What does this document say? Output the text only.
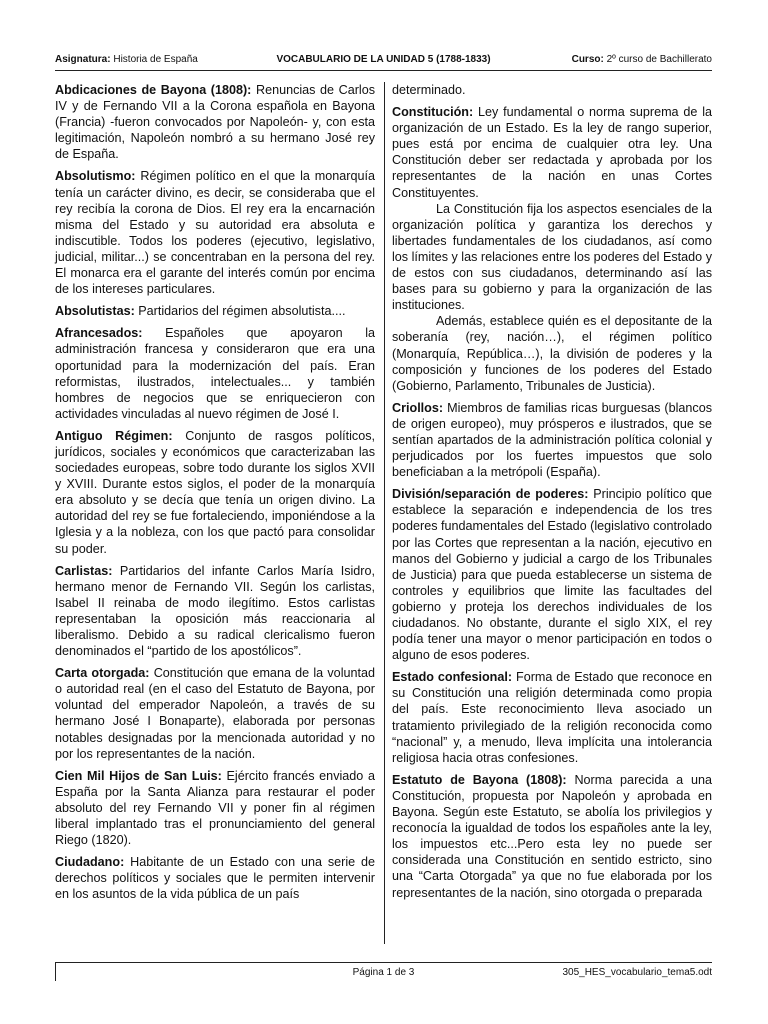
Asignatura: Historia de España	VOCABULARIO DE LA UNIDAD 5 (1788-1833)	Curso: 2º curso de Bachillerato

Abdicaciones de Bayona (1808): Renuncias de Carlos IV y de Fernando VII a la Corona española en Bayona (Francia) -fueron convocados por Napoleón- y, con esta legitimación, Napoleón nombró a su hermano José rey de España.

Absolutismo: Régimen político en el que la monarquía tenía un carácter divino, es decir, se consideraba que el rey recibía la corona de Dios. El rey era la encarnación misma del Estado y su autoridad era absoluta e indiscutible. Todos los poderes (ejecutivo, legislativo, judicial, militar...) se concentraban en la persona del rey. El monarca era el garante del interés común por encima de los intereses particulares.

Absolutistas: Partidarios del régimen absolutista....

Afrancesados: Españoles que apoyaron la administración francesa y consideraron que era una oportunidad para la modernización del país. Eran reformistas, ilustrados, intelectuales... y también hombres de negocios que se enriquecieron con actividades vinculadas al nuevo régimen de José I.

Antiguo Régimen: Conjunto de rasgos políticos, jurídicos, sociales y económicos que caracterizaban las sociedades europeas, sobre todo durante los siglos XVII y XVIII. Durante estos siglos, el poder de la monarquía era absoluto y se decía que tenía un origen divino. La autoridad del rey se fue fortaleciendo, imponiéndose a la Iglesia y a la nobleza, con los que pactó para consolidar su poder.

Carlistas: Partidarios del infante Carlos María Isidro, hermano menor de Fernando VII. Según los carlistas, Isabel II reinaba de modo ilegítimo. Estos carlistas representaban la oposición más reaccionaria al liberalismo. Debido a su radical clericalismo fueron denominados el “partido de los apostólicos”.

Carta otorgada: Constitución que emana de la voluntad o autoridad real (en el caso del Estatuto de Bayona, por voluntad del emperador Napoleón, a través de su hermano José I Bonaparte), elaborada por personas notables designadas por la mencionada autoridad y no por los representantes de la nación.

Cien Mil Hijos de San Luis: Ejército francés enviado a España por la Santa Alianza para restaurar el poder absoluto del rey Fernando VII y poner fin al régimen liberal implantado tras el pronunciamiento del general Riego (1820).

Ciudadano: Habitante de un Estado con una serie de derechos políticos y sociales que le permiten intervenir en los asuntos de la vida pública de un país

determinado.

Constitución: Ley fundamental o norma suprema de la organización de un Estado. Es la ley de rango superior, pues está por encima de cualquier otra ley. Una Constitución deber ser redactada y aprobada por los representantes de la nación en unas Cortes Constituyentes.

La Constitución fija los aspectos esenciales de la organización política y garantiza los derechos y libertades fundamentales de los ciudadanos, así como los límites y las relaciones entre los poderes del Estado y de estos con sus ciudadanos, determinando así las bases para su gobierno y para la organización de las instituciones.

Además, establece quién es el depositante de la soberanía (rey, nación…), el régimen político (Monarquía, República…), la división de poderes y la composición y funciones de los poderes del Estado (Gobierno, Parlamento, Tribunales de Justicia).

Criollos: Miembros de familias ricas burguesas (blancos de origen europeo), muy prósperos e ilustrados, que se sentían apartados de la administración política colonial y perjudicados por los fuertes impuestos que solo beneficiaban a la metrópoli (España).

División/separación de poderes: Principio político que establece la separación e independencia de los tres poderes fundamentales del Estado (legislativo controlado por las Cortes que representan a la nación, ejecutivo en manos del Gobierno y judicial a cargo de los Tribunales de Justicia) para que pueda establecerse un sistema de controles y equilibrios que limite las facultades del gobierno y proteja los derechos individuales de los ciudadanos. No obstante, durante el siglo XIX, el rey podía tener una mayor o menor participación en todos o alguno de esos poderes.

Estado confesional: Forma de Estado que reconoce en su Constitución una religión determinada como propia del país. Este reconocimiento lleva asociado un tratamiento privilegiado de la religión reconocida como “nacional” y, a menudo, lleva implícita una intolerancia religiosa hacia otras confesiones.

Estatuto de Bayona (1808): Norma parecida a una Constitución, propuesta por Napoleón y aprobada en Bayona. Según este Estatuto, se abolía los privilegios y reconocía la igualdad de todos los españoles ante la ley, los impuestos etc...Pero esta ley no puede ser considerada una Constitución en sentido estricto, sino una “Carta Otorgada” ya que no fue elaborada por los representantes de la nación, sino otorgada o preparada

Página 1 de 3	305_HES_vocabulario_tema5.odt
